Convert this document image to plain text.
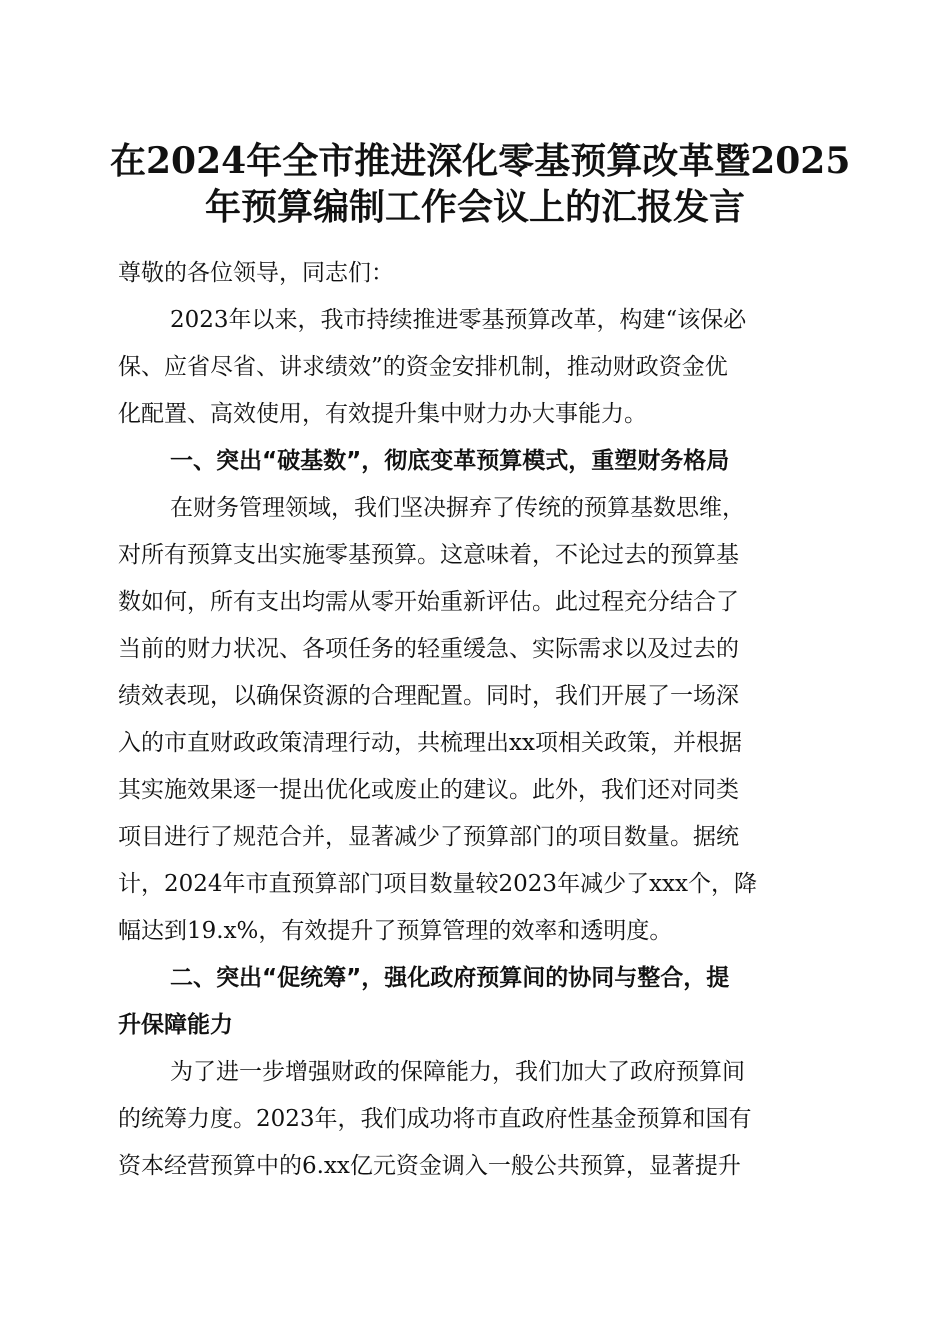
在2024年全市推进深化零基预算改革暨2025
年预算编制工作会议上的汇报发言
尊敬的各位领导，同志们：
2023年以来，我市持续推进零基预算改革，构建“该保必
保、应省尽省、讲求绩效”的资金安排机制，推动财政资金优
化配置、高效使用，有效提升集中财力办大事能力。
一、突出“破基数”，彻底变革预算模式，重塑财务格局
在财务管理领域，我们坚决摒弃了传统的预算基数思维，
对所有预算支出实施零基预算。这意味着，不论过去的预算基
数如何，所有支出均需从零开始重新评估。此过程充分结合了
当前的财力状况、各项任务的轻重缓急、实际需求以及过去的
绩效表现，以确保资源的合理配置。同时，我们开展了一场深
入的市直财政政策清理行动，共梳理出xx项相关政策，并根据
其实施效果逐一提出优化或废止的建议。此外，我们还对同类
项目进行了规范合并，显著减少了预算部门的项目数量。据统
计，2024年市直预算部门项目数量较2023年减少了xxx个，降
幅达到19.x%，有效提升了预算管理的效率和透明度。
二、突出“促统筹”，强化政府预算间的协同与整合，提
升保障能力
为了进一步增强财政的保障能力，我们加大了政府预算间
的统筹力度。2023年，我们成功将市直政府性基金预算和国有
资本经营预算中的6.xx亿元资金调入一般公共预算，显著提升
